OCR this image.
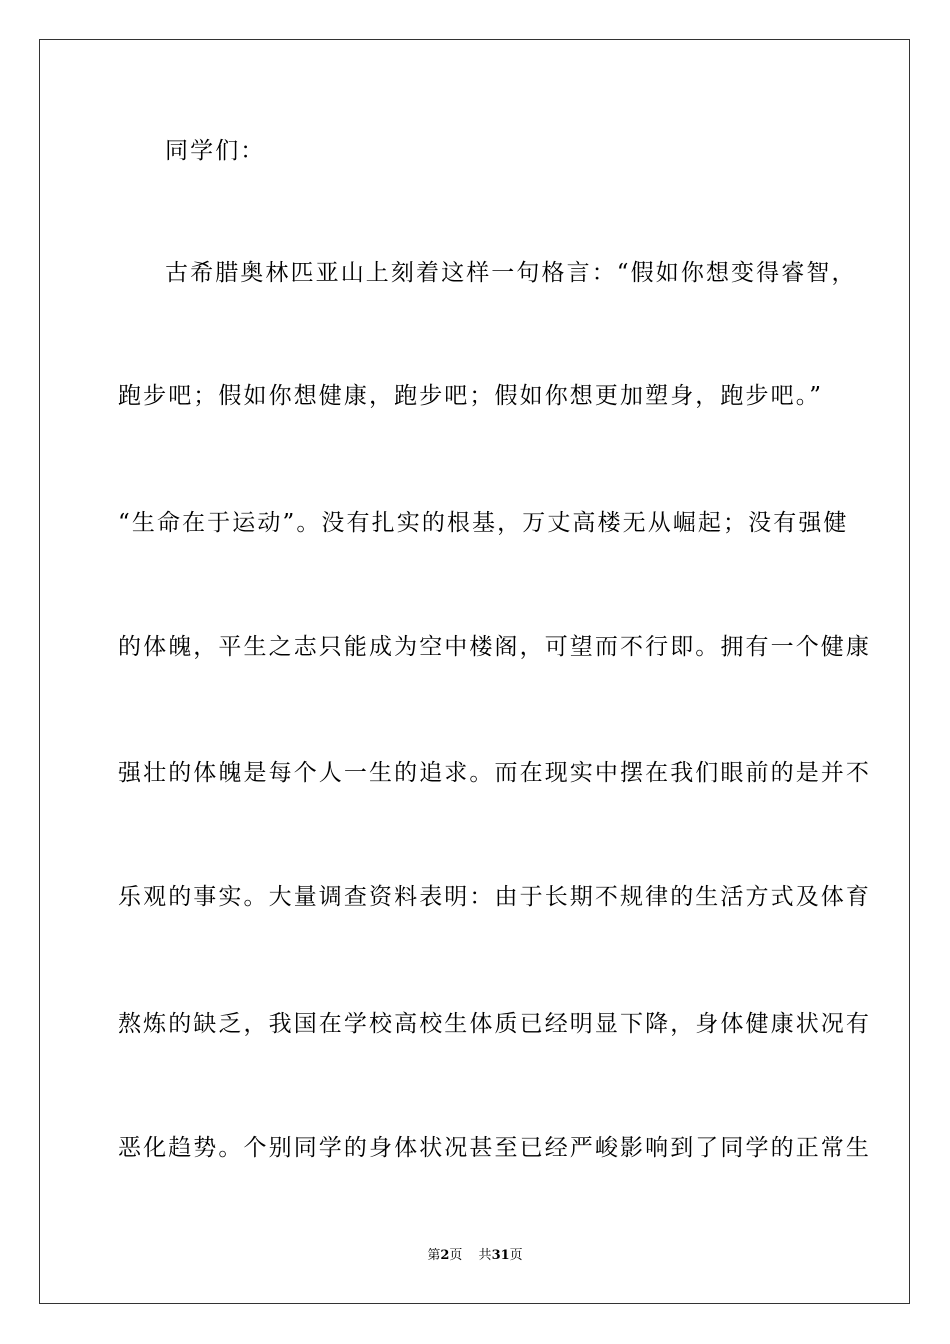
同学们：
古希腊奥林匹亚山上刻着这样一句格言：“假如你想变得睿智，
跑步吧；假如你想健康，跑步吧；假如你想更加塑身，跑步吧。”
“生命在于运动”。没有扎实的根基，万丈高楼无从崛起；没有强健
的体魄，平生之志只能成为空中楼阁，可望而不行即。拥有一个健康
强壮的体魄是每个人一生的追求。而在现实中摆在我们眼前的是并不
乐观的事实。大量调查资料表明：由于长期不规律的生活方式及体育
熬炼的缺乏，我国在学校高校生体质已经明显下降，身体健康状况有
恶化趋势。个别同学的身体状况甚至已经严峻影响到了同学的正常生
第2页 共31页
